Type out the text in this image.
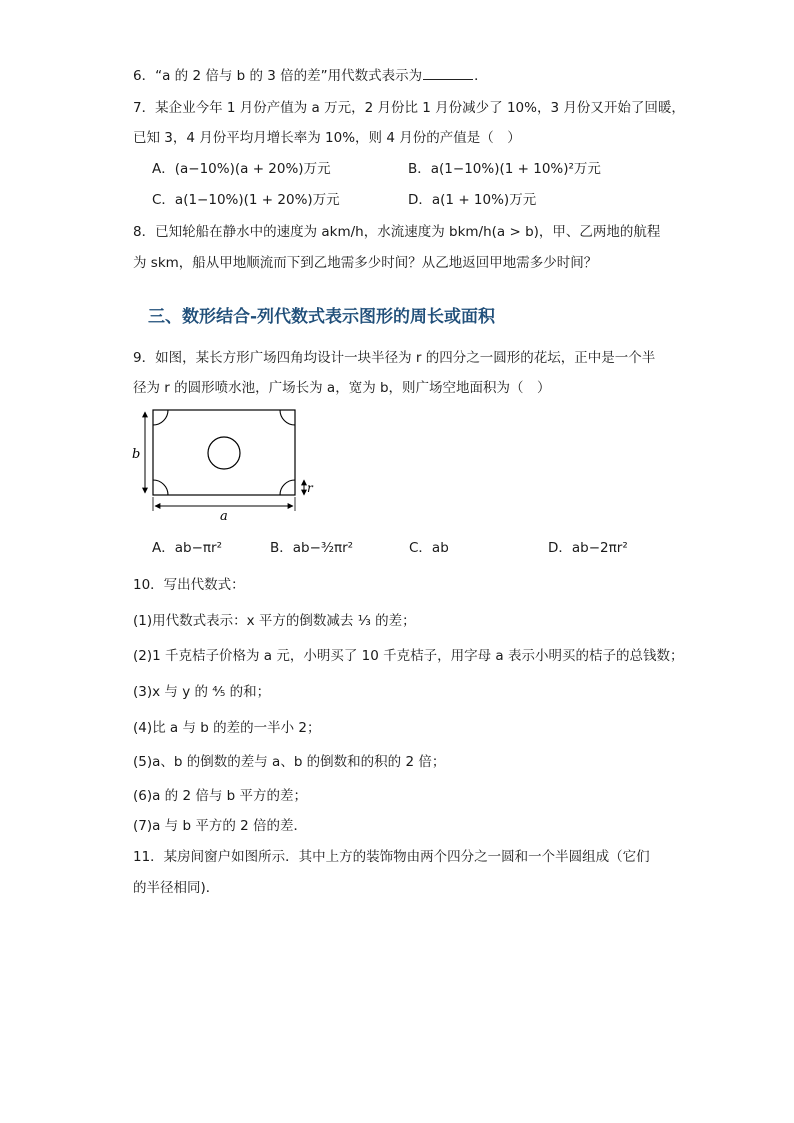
6．“a 的 2 倍与 b 的 3 倍的差”用代数式表示为	．
7．某企业今年 1 月份产值为 a 万元，2 月份比 1 月份减少了 10%，3 月份又开始了回暖，
已知 3，4 月份平均月增长率为 10%，则 4 月份的产值是（　）
A．(a−10%)(a + 20%)万元	B．a(1−10%)(1 + 10%)²万元
C．a(1−10%)(1 + 20%)万元	D．a(1 + 10%)万元
8．已知轮船在静水中的速度为 akm/h，水流速度为 bkm/h(a > b)，甲、乙两地的航程
为 skm，船从甲地顺流而下到乙地需多少时间？从乙地返回甲地需多少时间？
三、数形结合-列代数式表示图形的周长或面积
9．如图，某长方形广场四角均设计一块半径为 r 的四分之一圆形的花坛，正中是一个半
径为 r 的圆形喷水池，广场长为 a，宽为 b，则广场空地面积为（　）
b
a
r
A．ab−πr²	B．ab−³⁄₂πr²	C．ab	D．ab−2πr²
10．写出代数式：
(1)用代数式表示：x 平方的倒数减去 ¹⁄₃ 的差；
(2)1 千克桔子价格为 a 元，小明买了 10 千克桔子，用字母 a 表示小明买的桔子的总钱数；
(3)x 与 y 的 ⁴⁄₅ 的和；
(4)比 a 与 b 的差的一半小 2；
(5)a、b 的倒数的差与 a、b 的倒数和的积的 2 倍；
(6)a 的 2 倍与 b 平方的差；
(7)a 与 b 平方的 2 倍的差．
11．某房间窗户如图所示．其中上方的装饰物由两个四分之一圆和一个半圆组成（它们
的半径相同)．
